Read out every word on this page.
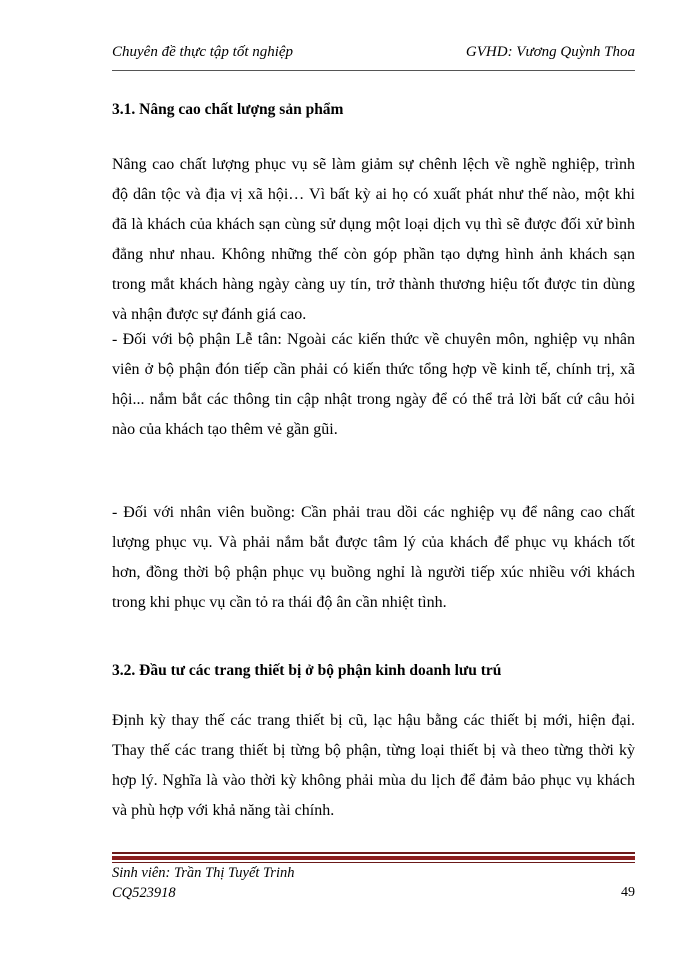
Chuyên đề thực tập tốt nghiệp	GVHD: Vương Quỳnh Thoa
3.1. Nâng cao chất lượng sản phẩm
Nâng cao chất lượng phục vụ sẽ làm giảm sự chênh lệch về nghề nghiệp, trình
độ dân tộc và địa vị xã hội… Vì bất kỳ ai họ có xuất phát như thế nào, một khi
đã là khách của khách sạn cùng sử dụng một loại dịch vụ thì sẽ được đối xử bình
đẳng như nhau. Không những thế còn góp phần tạo dựng hình ảnh khách sạn
trong mắt khách hàng ngày càng uy tín, trở thành thương hiệu tốt được tin dùng
và nhận được sự đánh giá cao.
- Đối với bộ phận Lễ tân: Ngoài các kiến thức về chuyên môn, nghiệp vụ nhân
viên ở bộ phận đón tiếp cần phải có kiến thức tổng hợp về kinh tế, chính trị, xã
hội... nắm bắt các thông tin cập nhật trong ngày để có thể trả lời bất cứ câu hỏi
nào của khách tạo thêm vẻ gần gũi.
- Đối với nhân viên buồng: Cần phải trau dồi các nghiệp vụ để nâng cao chất
lượng phục vụ. Và phải nắm bắt được tâm lý của khách để phục vụ khách tốt
hơn, đồng thời bộ phận phục vụ buồng nghỉ là người tiếp xúc nhiều với khách
trong khi phục vụ cần tỏ ra thái độ ân cần nhiệt tình.
3.2. Đầu tư các trang thiết bị ở bộ phận kinh doanh lưu trú
Định kỳ thay thế các trang thiết bị cũ, lạc hậu bằng các thiết bị mới, hiện đại.
Thay thế các trang thiết bị từng bộ phận, từng loại thiết bị và theo từng thời kỳ
hợp lý. Nghĩa là vào thời kỳ không phải mùa du lịch để đảm bảo phục vụ khách
và phù hợp với khả năng tài chính.
Sinh viên: Trần Thị Tuyết Trinh
CQ523918	49
